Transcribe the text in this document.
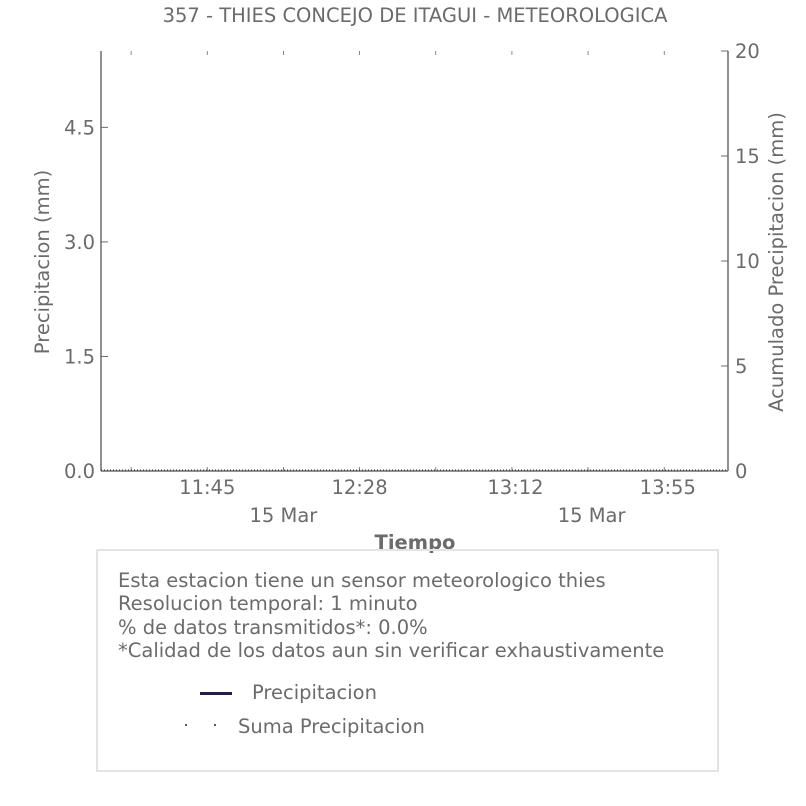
357 - THIES CONCEJO DE ITAGUI - METEOROLOGICA
0.0
1.5
3.0
4.5
0
5
10
15
20
11:45	12:28	13:12	13:55
15 Mar	15 Mar
Precipitacion (mm)	Acumulado Precipitacion (mm)
Tiempo
Esta estacion tiene un sensor meteorologico thies
Resolucion temporal: 1 minuto
% de datos transmitidos*: 0.0%
*Calidad de los datos aun sin verificar exhaustivamente
Precipitacion
Suma Precipitacion
